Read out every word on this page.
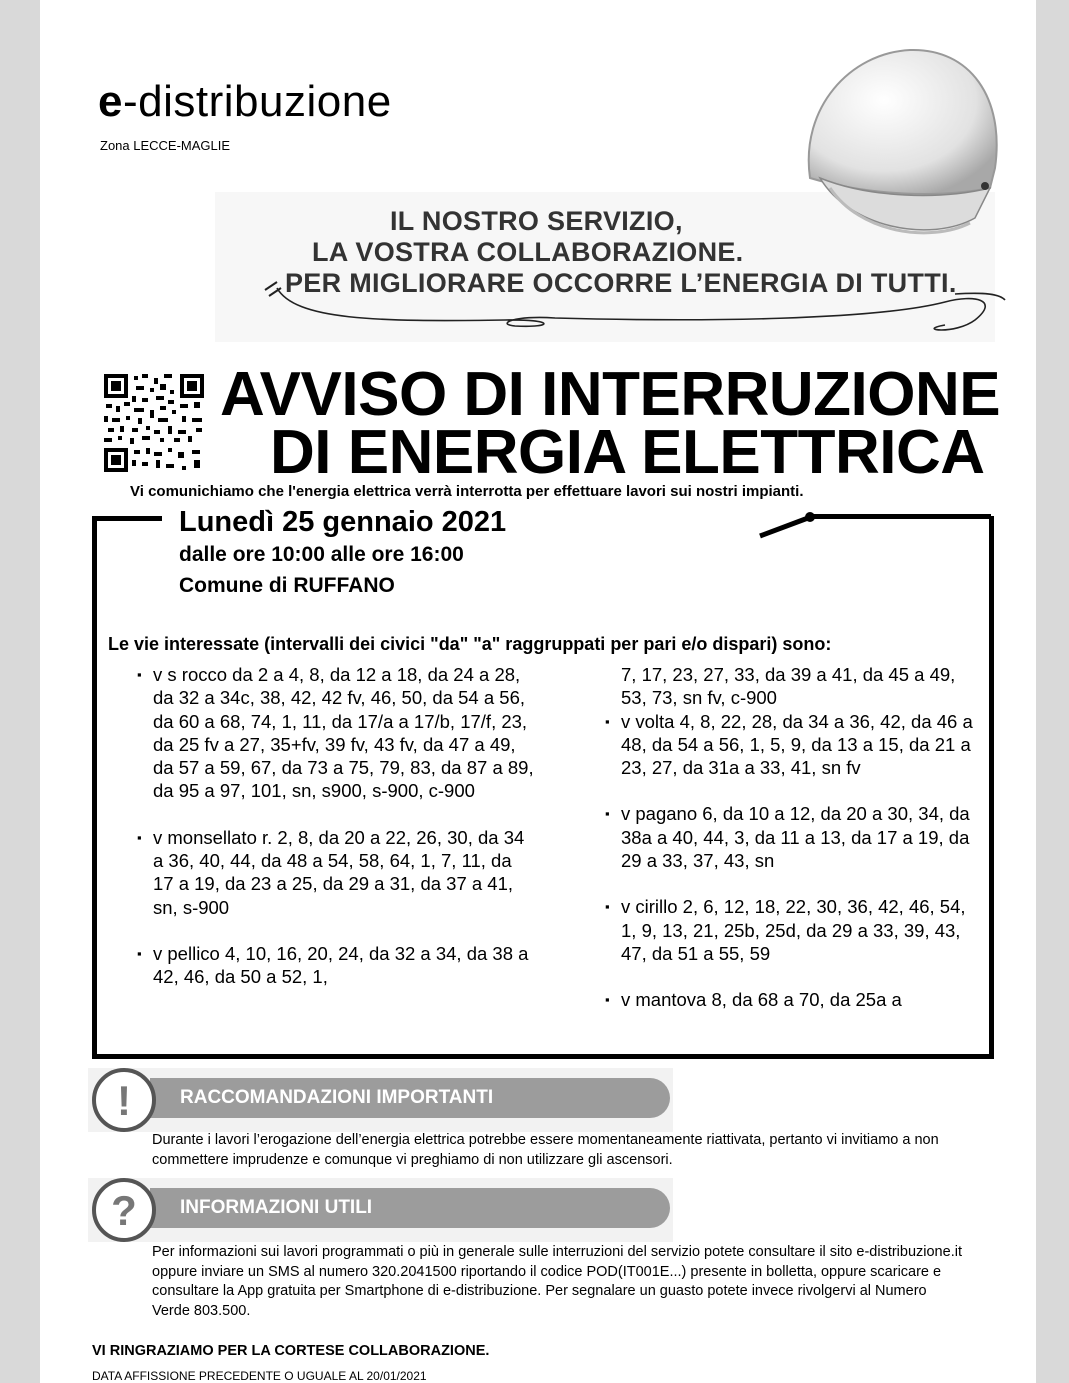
e-distribuzione
Zona LECCE-MAGLIE
IL NOSTRO SERVIZIO,
LA VOSTRA COLLABORAZIONE.
PER MIGLIORARE OCCORRE L’ENERGIA DI TUTTI.
AVVISO DI INTERRUZIONE
DI ENERGIA ELETTRICA
Vi comunichiamo che l'energia elettrica verrà interrotta per effettuare lavori sui nostri impianti.
Lunedì 25 gennaio 2021
dalle ore 10:00 alle ore 16:00
Comune di RUFFANO
Le vie interessate (intervalli dei civici "da" "a" raggruppati per pari e/o dispari) sono:
▪ v s rocco da 2 a 4, 8, da 12 a 18, da 24 a 28, da 32 a 34c, 38, 42, 42 fv, 46, 50, da 54 a 56, da 60 a 68, 74, 1, 11, da 17/a a 17/b, 17/f, 23, da 25 fv a 27, 35+fv, 39 fv, 43 fv, da 47 a 49, da 57 a 59, 67, da 73 a 75, 79, 83, da 87 a 89, da 95 a 97, 101, sn, s900, s-900, c-900
▪ v monsellato r. 2, 8, da 20 a 22, 26, 30, da 34 a 36, 40, 44, da 48 a 54, 58, 64, 1, 7, 11, da 17 a 19, da 23 a 25, da 29 a 31, da 37 a 41, sn, s-900
▪ v pellico 4, 10, 16, 20, 24, da 32 a 34, da 38 a 42, 46, da 50 a 52, 1,
7, 17, 23, 27, 33, da 39 a 41, da 45 a 49, 53, 73, sn fv, c-900
▪ v volta 4, 8, 22, 28, da 34 a 36, 42, da 46 a 48, da 54 a 56, 1, 5, 9, da 13 a 15, da 21 a 23, 27, da 31a a 33, 41, sn fv
▪ v pagano 6, da 10 a 12, da 20 a 30, 34, da 38a a 40, 44, 3, da 11 a 13, da 17 a 19, da 29 a 33, 37, 43, sn
▪ v cirillo 2, 6, 12, 18, 22, 30, 36, 42, 46, 54, 1, 9, 13, 21, 25b, 25d, da 29 a 33, 39, 43, 47, da 51 a 55, 59
▪ v mantova 8, da 68 a 70, da 25a a
RACCOMANDAZIONI IMPORTANTI
!
Durante i lavori l’erogazione dell’energia elettrica potrebbe essere momentaneamente riattivata, pertanto vi invitiamo a non commettere imprudenze e comunque vi preghiamo di non utilizzare gli ascensori.
INFORMAZIONI UTILI
?
Per informazioni sui lavori programmati o più in generale sulle interruzioni del servizio potete consultare il sito e-distribuzione.it oppure inviare un SMS al numero 320.2041500 riportando il codice POD(IT001E...) presente in bolletta, oppure scaricare e consultare la App gratuita per Smartphone di e-distribuzione. Per segnalare un guasto potete invece rivolgervi al Numero Verde 803.500.
VI RINGRAZIAMO PER LA CORTESE COLLABORAZIONE.
DATA AFFISSIONE PRECEDENTE O UGUALE AL 20/01/2021
